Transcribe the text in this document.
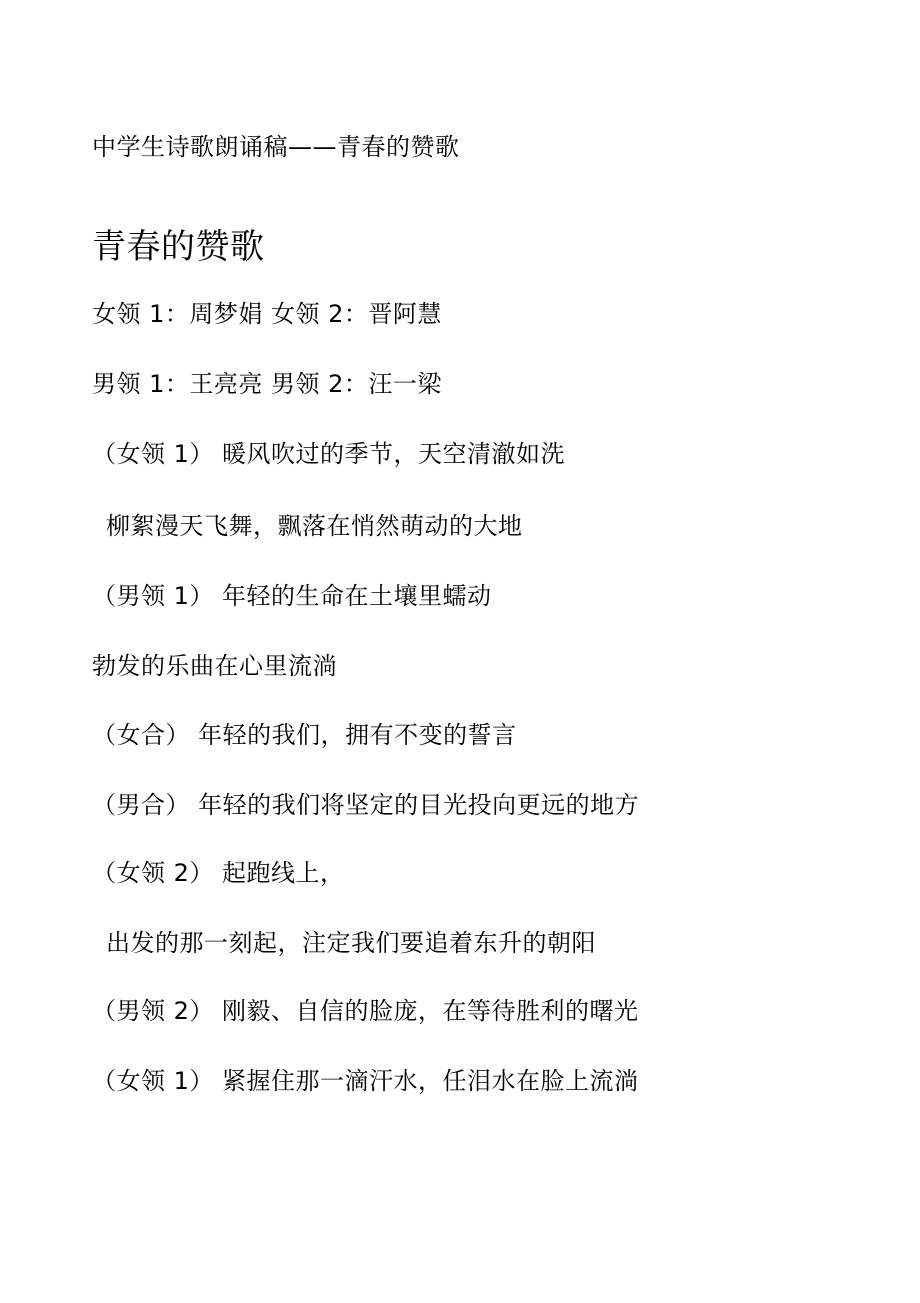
中学生诗歌朗诵稿——青春的赞歌
青春的赞歌
女领 1：周梦娟 女领 2：晋阿慧
男领 1：王亮亮 男领 2：汪一梁
（女领 1） 暖风吹过的季节，天空清澈如洗
柳絮漫天飞舞，飘落在悄然萌动的大地
（男领 1） 年轻的生命在土壤里蠕动
勃发的乐曲在心里流淌
（女合） 年轻的我们，拥有不变的誓言
（男合） 年轻的我们将坚定的目光投向更远的地方
（女领 2） 起跑线上，
出发的那一刻起，注定我们要追着东升的朝阳
（男领 2） 刚毅、自信的脸庞，在等待胜利的曙光
（女领 1） 紧握住那一滴汗水，任泪水在脸上流淌
